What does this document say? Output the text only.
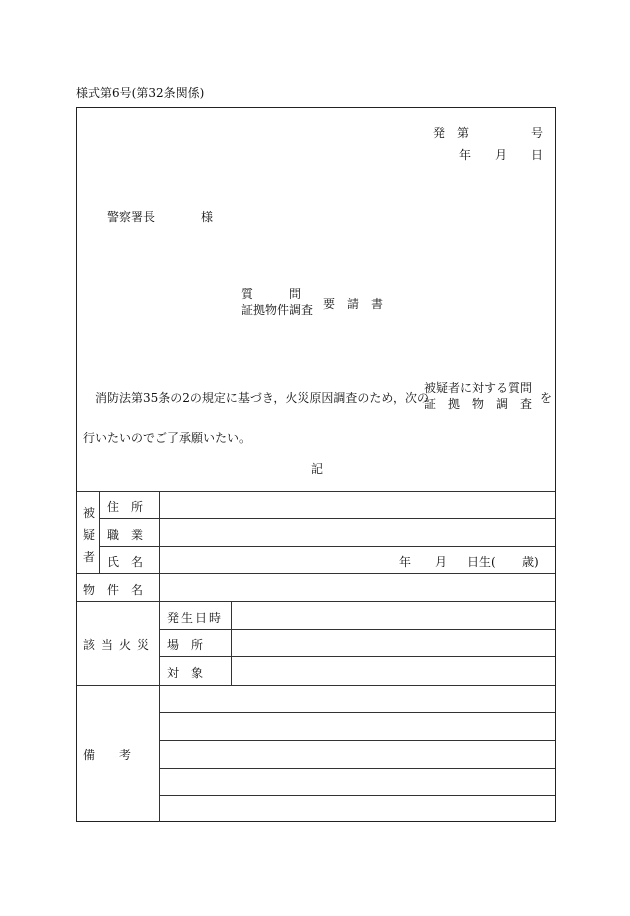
様式第6号(第32条関係)
発　第	号
年 月 日
警察署長	様
質　　　問
証拠物件調査 要　請　書
消防法第35条の2の規定に基づき，火災原因調査のため，次の
被疑者に対する質問
証　拠　物　調　査 を
行いたいのでご了承願いたい。
記
被
疑
者
住　所
職　業
氏　名	年 月 日生( 歳)
物　件　名
該当火災
発生日時
場　所
対　象
備　　考
